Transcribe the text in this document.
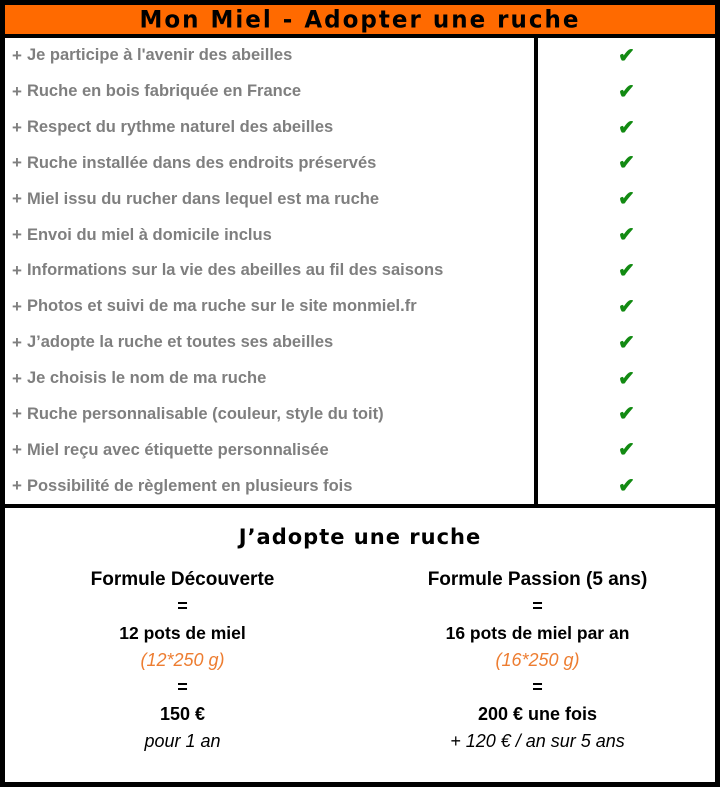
Mon Miel - Adopter une ruche
+ Je participe à l'avenir des abeilles	✔
+ Ruche en bois fabriquée en France	✔
+ Respect du rythme naturel des abeilles	✔
+ Ruche installée dans des endroits préservés	✔
+ Miel issu du rucher dans lequel est ma ruche	✔
+ Envoi du miel à domicile inclus	✔
+ Informations sur la vie des abeilles au fil des saisons	✔
+ Photos et suivi de ma ruche sur le site monmiel.fr	✔
+ J’adopte la ruche et toutes ses abeilles	✔
+ Je choisis le nom de ma ruche	✔
+ Ruche personnalisable (couleur, style du toit)	✔
+ Miel reçu avec étiquette personnalisée	✔
+ Possibilité de règlement en plusieurs fois	✔
J’adopte une ruche
Formule Découverte
=
12 pots de miel
(12*250 g)
=
150 €
pour 1 an
Formule Passion (5 ans)
=
16 pots de miel par an
(16*250 g)
=
200 € une fois
+ 120 € / an sur 5 ans
